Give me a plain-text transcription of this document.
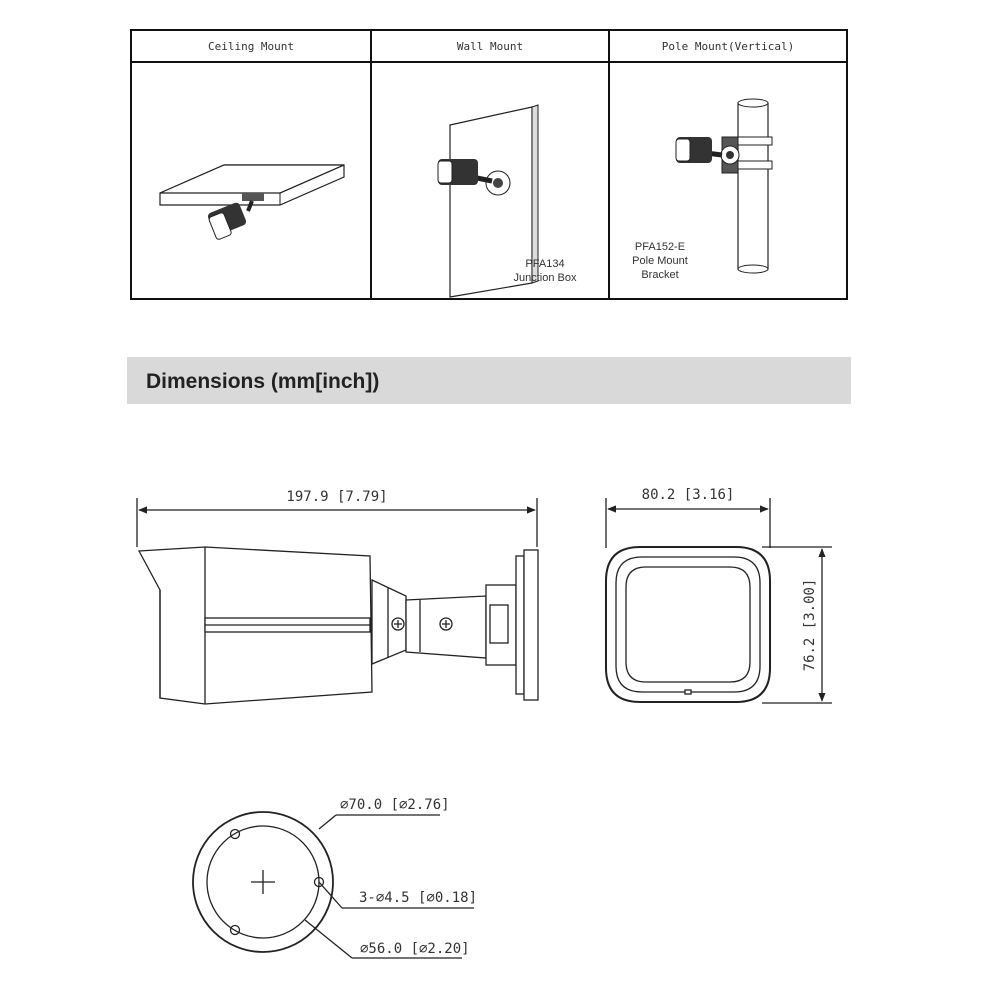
Ceiling Mount	Wall Mount
PFA134
Junction Box
Pole Mount(Vertical)
PFA152-E
Pole Mount
Bracket
Dimensions (mm[inch])
197.9 [7.79]	80.2 [3.16]
76.2 [3.00]
⌀70.0 [⌀2.76]
3-⌀4.5 [⌀0.18]
⌀56.0 [⌀2.20]
